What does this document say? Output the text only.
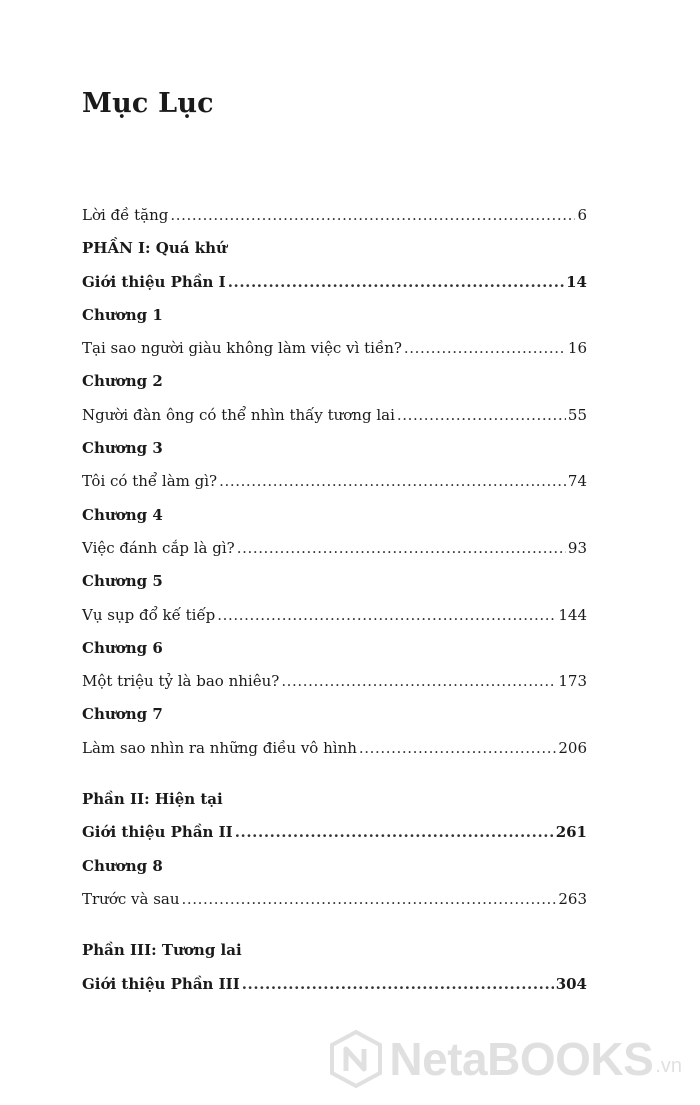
Mục Lục
Lời đề tặng .....	6
PHẦN I: Quá khứ
Giới thiệu Phần I .....	14
Chương 1
Tại sao người giàu không làm việc vì tiền? .....	16
Chương 2
Người đàn ông có thể nhìn thấy tương lai .....	55
Chương 3
Tôi có thể làm gì? .....	74
Chương 4
Việc đánh cắp là gì? .....	93
Chương 5
Vụ sụp đổ kế tiếp .....	144
Chương 6
Một triệu tỷ là bao nhiêu? .....	173
Chương 7
Làm sao nhìn ra những điều vô hình .....	206
Phần II: Hiện tại
Giới thiệu Phần II .....	261
Chương 8
Trước và sau .....	263
Phần III: Tương lai
Giới thiệu Phần III .....	304
NetaBOOKS .vn
